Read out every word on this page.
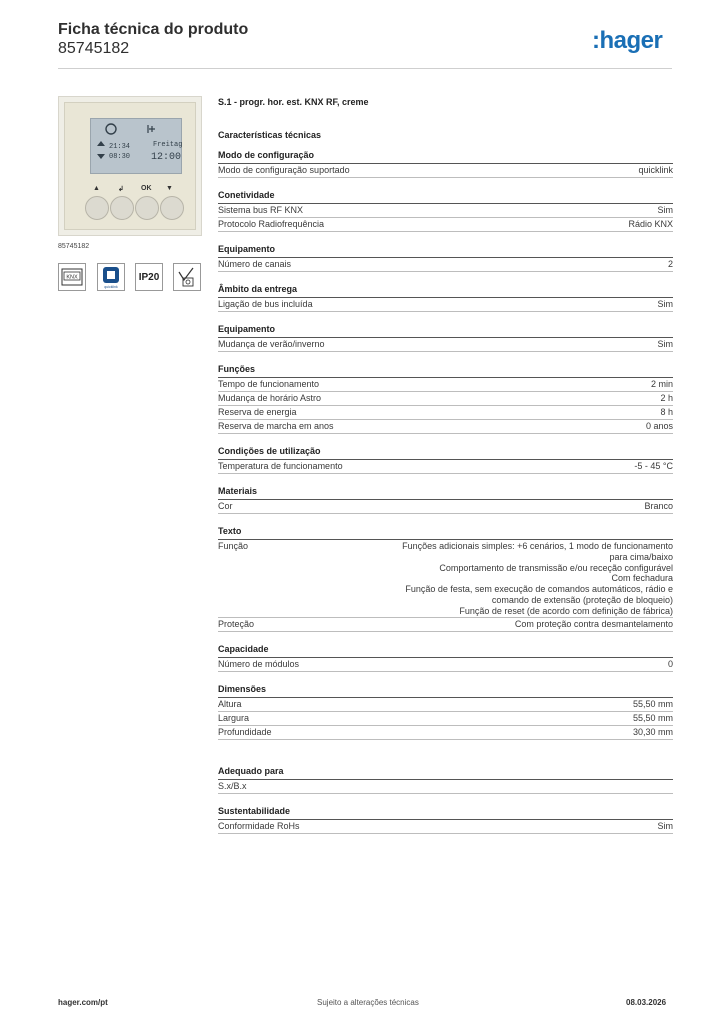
Ficha técnica do produto
85745182	:hager
21:34
08:30
Freitag
12:00
▲	↲ OK ▼
85745182
KNX
quicklink
IP20
S.1 - progr. hor. est. KNX RF, creme
Características técnicas
Modo de configuração
Modo de configuração suportado	quicklink
Conetividade
Sistema bus RF KNX	Sim
Protocolo Radiofrequência	Rádio KNX
Equipamento
Número de canais	2
Âmbito da entrega
Ligação de bus incluída	Sim
Equipamento
Mudança de verão/inverno	Sim
Funções
Tempo de funcionamento	2 min
Mudança de horário Astro	2 h
Reserva de energia	8 h
Reserva de marcha em anos	0 anos
Condições de utilização
Temperatura de funcionamento	-5 - 45 °C
Materiais
Cor	Branco
Texto
Função	Funções adicionais simples: +6 cenários, 1 modo de funcionamento
para cima/baixo
Comportamento de transmissão e/ou receção configurável
Com fechadura
Função de festa, sem execução de comandos automáticos, rádio e
comando de extensão (proteção de bloqueio)
Função de reset (de acordo com definição de fábrica)
Proteção	Com proteção contra desmantelamento
Capacidade
Número de módulos	0
Dimensões
Altura	55,50 mm
Largura	55,50 mm
Profundidade	30,30 mm
Adequado para
S.x/B.x
Sustentabilidade
Conformidade RoHs	Sim
hager.com/pt	Sujeito a alterações técnicas	08.03.2026
